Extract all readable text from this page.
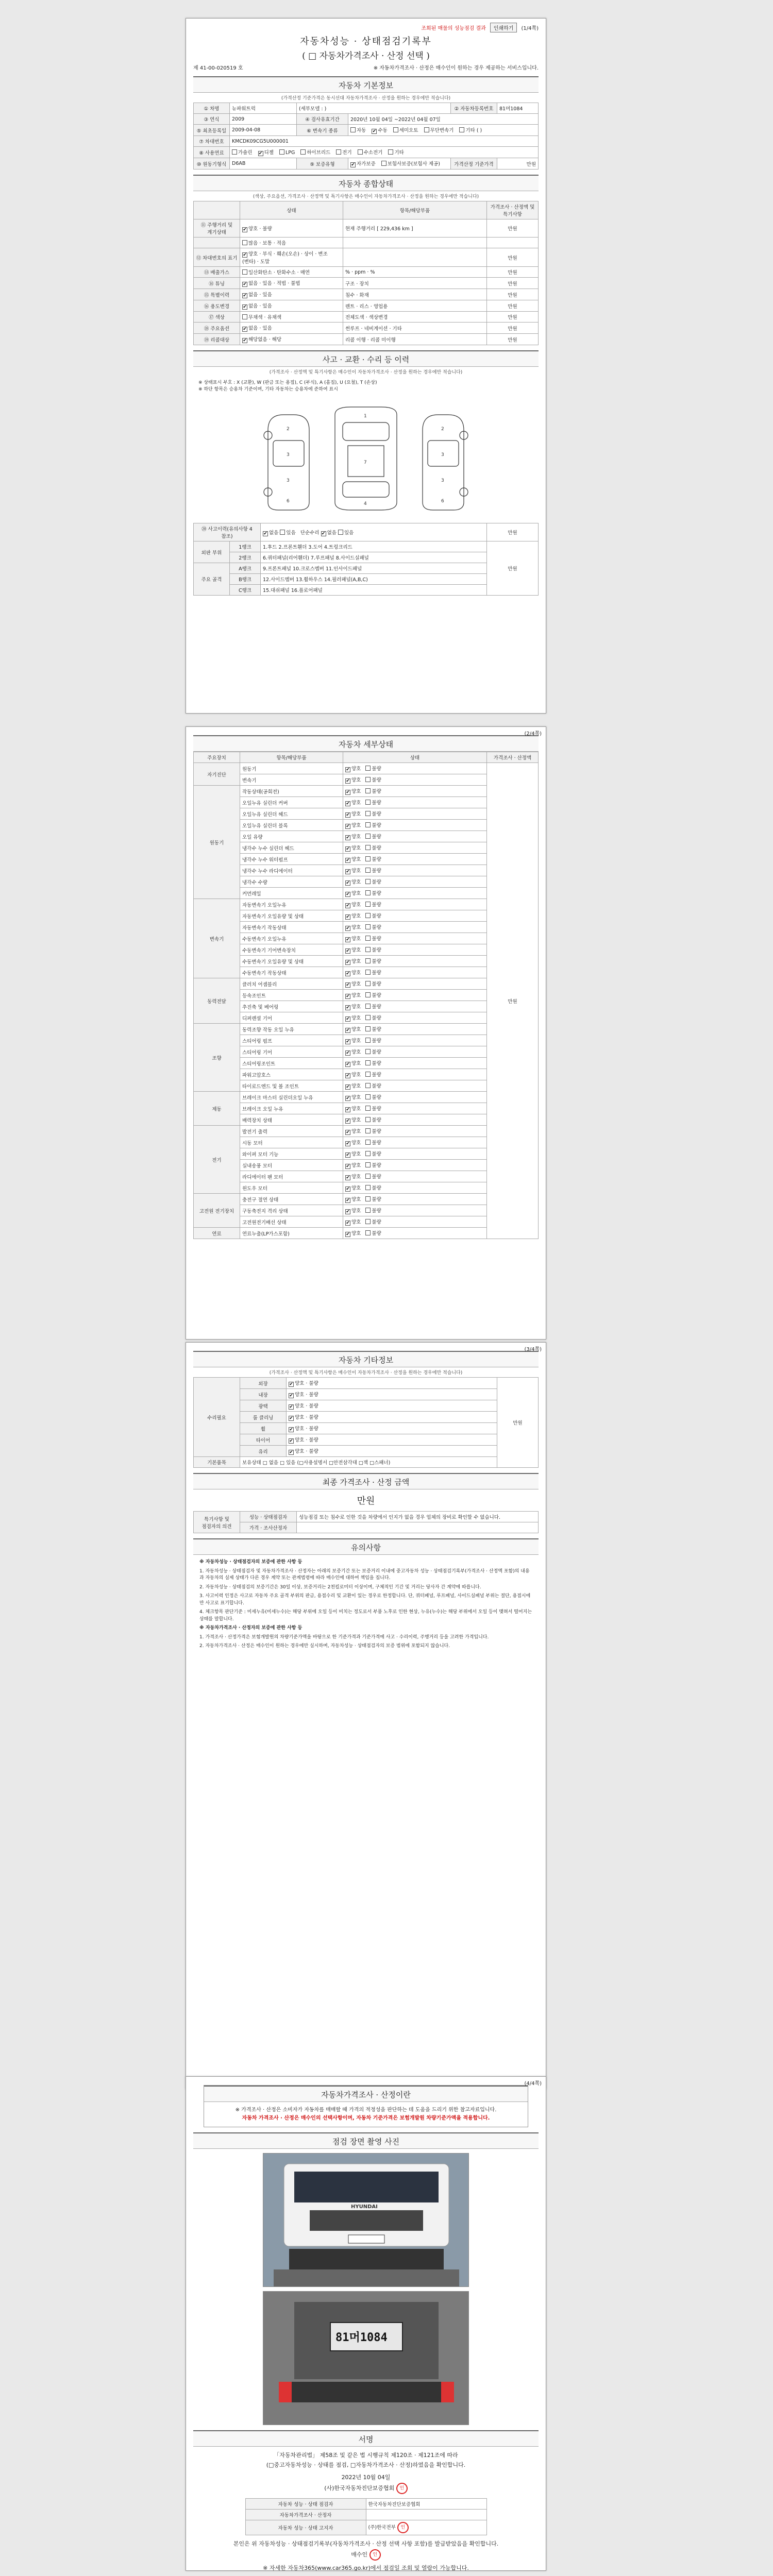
조회된 매물의 성능점검 결과	인쇄하기	(1/4쪽)
자동차성능 · 상태점검기록부
( □ 자동차가격조사 · 산정 선택 )
제 41-00-020519 호	※ 자동차가격조사 · 산정은 매수인이 원하는 경우 제공하는 서비스입니다.
자동차 기본정보
(가격산정 기준가격은 동시선대 자동차가격조사 · 산정을 원하는 경우에만 적습니다)
① 차명	뉴파워트럭	(세부모델 : )		② 자동차등록번호	81머1084
③ 연식	2009	④ 검사유효기간	2020년 10월 04일 ~2022년 04월 07일		
⑤ 최초등록일	2009-04-08	⑥ 변속기 종류	자동 ✔ 수동 세미오토 무단변속기 기타 ( )
⑦ 차대번호	KMCDK09CG5U000001				
⑧ 사용연료	가솔린 ✔ 디젤 LPG 하이브리드 전기 수소전기 기타
⑩ 원동기형식	D6AB	⑨ 보증유형	✔자가보증 보험사보증(보험사 제공)	가격산정 기준가격	만원
자동차 종합상태
(색상, 주요옵션, 가격조사 · 산정액 및 특기사항은 매수인이 자동차가격조사 · 산정을 원하는 경우에만 적습니다)
	상태	항목/해당부품	가격조사 · 산정액 및 특기사항
⑪ 주행거리 및 계기상태	✔양호 · 불량	현재 주행거리 [ 229,436 km ]	만원
	많음 · 보통 · 적음		
⑫ 차대번호의 표기	✔양호 · 부식 · 훼손(오손) · 상이 · 변조(변타) · 도말		만원
⑬ 배출가스	일산화탄소 · 탄화수소 · 매연	% · ppm · %	만원
⑭ 튜닝	✔없음 · 있음 · 적법 · 불법	구조 · 장치	만원
⑮ 특별이력	✔없음 · 있음	침수 · 화재	만원
⑯ 용도변경	✔없음 · 있음	렌트 · 리스 · 영업용	만원
⑰ 색상	무채색 · 유채색	전체도색 · 색상변경	만원
⑱ 주요옵션	✔없음 · 있음	썬루프 · 네비게이션 · 기타	만원
⑲ 리콜대상	✔해당없음 · 해당	리콜 이행 · 리콜 미이행	만원
사고 · 교환 · 수리 등 이력
(가격조사 · 산정액 및 특기사항은 매수인이 자동차가격조사 · 산정을 원하는 경우에만 적습니다)
※ 상태표시 부호 : X (교환), W (판금 또는 용접), C (부식), A (흠집), U (요철), T (손상)
※ 하단 항목은 승용차 기준이며, 기타 자동차는 승용차에 준하여 표시
2
3
3
6
1
7
4
2
3
3
6
⑳ 사고이력(유의사항 4 참조)	✔없음 있음   단순수리 ✔ 없음 있음	만원
외판 부위	1랭크	1.후드 2.프론트휀더 3.도어 4.트렁크리드	만원
	2랭크	6.쿼터패널(리어휀더) 7.루프패널 8.사이드실패널	
주요 골격	A랭크	9.프론트패널 10.크로스멤버 11.인사이드패널	
	B랭크	12.사이드멤버 13.휠하우스 14.필러패널(A,B,C)	
	C랭크	15.대쉬패널 16.플로어패널	
(2/4쪽)
자동차 세부상태
주요장치	항목/해당부품	상태	가격조사 · 산정액
자기진단	원동기	✔양호 불량	만원
	변속기	✔양호 불량
원동기	작동상태(공회전)	✔양호 불량
	오일누유 실린더 커버	✔양호 불량
	오일누유 실린더 헤드	✔양호 불량
	오일누유 실린더 블록	✔양호 불량
	오일 유량	✔양호 불량
	냉각수 누수 실린더 헤드	✔양호 불량
	냉각수 누수 워터펌프	✔양호 불량
	냉각수 누수 라디에이터	✔양호 불량
	냉각수 수량	✔양호 불량
	커먼레일	✔양호 불량
변속기	자동변속기 오일누유	✔양호 불량
	자동변속기 오일유량 및 상태	✔양호 불량
	자동변속기 작동상태	✔양호 불량
	수동변속기 오일누유	✔양호 불량
	수동변속기 기어변속장치	✔양호 불량
	수동변속기 오일유량 및 상태	✔양호 불량
	수동변속기 작동상태	✔양호 불량
동력전달	클러치 어셈블리	✔양호 불량
	등속조인트	✔양호 불량
	추진축 및 베어링	✔양호 불량
	디퍼렌셜 기어	✔양호 불량
조향	동력조향 작동 오일 누유	✔양호 불량
	스티어링 펌프	✔양호 불량
	스티어링 기어	✔양호 불량
	스티어링조인트	✔양호 불량
	파워고압호스	✔양호 불량
	타이로드엔드 및 볼 조인트	✔양호 불량
제동	브레이크 마스터 실린더오일 누유	✔양호 불량
	브레이크 오일 누유	✔양호 불량
	배력장치 상태	✔양호 불량
전기	발전기 출력	✔양호 불량
	시동 모터	✔양호 불량
	와이퍼 모터 기능	✔양호 불량
	실내송풍 모터	✔양호 불량
	라디에이터 팬 모터	✔양호 불량
	윈도우 모터	✔양호 불량
고전원 전기장치	충전구 절연 상태	✔양호 불량
	구동축전지 격리 상태	✔양호 불량
	고전원전기배선 상태	✔양호 불량
연료	연료누출(LP가스포함)	✔양호 불량
(3/4쪽)
자동차 기타정보
(가격조사 · 산정액 및 특기사항은 매수인이 자동차가격조사 · 산정을 원하는 경우에만 적습니다)
수리필요	외장	✔양호 · 불량	만원
	내장	✔양호 · 불량
	광택	✔양호 · 불량
	룸 클리닝	✔양호 · 불량
	휠	✔양호 · 불량
	타이어	✔양호 · 불량
	유리	✔양호 · 불량
기본품목	보유상태 □ 없음 □ 있음 (□사용설명서 □안전삼각대 □잭 □스패너)		
최종 가격조사 · 산정 금액
만원
특기사항 및 점검자의 의견	성능 · 상태점검자	성능점검 또는 침수로 인한 것을 차량에서 인지가 없을 경우 업체의 장비로 확인할 수 없습니다.
	가격 · 조사산정자	
유의사항

※ 자동차성능 · 상태점검자의 보증에 관한 사항 등

1. 자동차성능 · 상태점검자 및 자동차가격조사 · 산정자는 아래의 보증기간 또는 보증거리 이내에 중고자동차 성능 · 상태점검기록부(가격조사 · 산정액 포함)의 내용과 자동차의 실제 상태가 다른 경우 계약 또는 관계법령에 따라 매수인에 대하여 책임을 집니다.

2. 자동차성능 · 상태점검의 보증기간은 30일 이상, 보증거리는 2천킬로미터 이상이며, 구체적인 기간 및 거리는 당사자 간 계약에 따릅니다.

3. 사고이력 인정은 사고로 자동차 주요 골격 부위의 판금, 용접수리 및 교환이 있는 경우로 한정합니다. 단, 쿼터패널, 루프패널, 사이드실패널 부위는 절단, 용접시에만 사고로 표기합니다.

4. 체크항목 판단기준 : 미세누유(미세누수)는 해당 부위에 오일 등이 비치는 정도로서 부품 노후로 인한 현상, 누유(누수)는 해당 부위에서 오일 등이 맺혀서 떨어지는 상태를 말합니다.

※ 자동차가격조사 · 산정자의 보증에 관한 사항 등

1. 가격조사 · 산정가격은 보험개발원의 차량기준가액을 바탕으로 한 기준가격과 기준가격에 사고 · 수리이력, 주행거리 등을 고려한 가격입니다.

2. 자동차가격조사 · 산정은 매수인이 원하는 경우에만 실시하며, 자동차성능 · 상태점검자의 보증 범위에 포함되지 않습니다.

(4/4쪽)
자동차가격조사 · 산정이란

※ 가격조사 · 산정은 소비자가 자동차를 매매할 때 가격의 적정성을 판단하는 데 도움을 드리기 위한 참고자료입니다.

자동차 가격조사 · 산정은 매수인의 선택사항이며, 자동차 기준가격은 보험개발원 차량기준가액을 적용합니다.

점검 장면 촬영 사진
HYUNDAI
81머1084
서명
「자동차관리법」 제58조 및 같은 법 시행규칙 제120조 · 제121조에 따라
(□중고자동차성능 · 상태를 점검, □자동차가격조사 · 산정)하였음을 확인합니다.
2022년 10월 04일
(사)한국자동차진단보증협회 인
자동차 성능 · 상태 점검자	한국자동차진단보증협회
자동차가격조사 · 산정자	
자동차 성능 · 상태 고지자	(주)한국전부 인
본인은 위 자동차성능 · 상태점검기록부(자동차가격조사 · 산정 선택 사항 포함)를 발급받았음을 확인합니다.
매수인 인
※ 자세한 자동차365(www.car365.go.kr)에서 점검일 조회 및 열람이 가능합니다.
